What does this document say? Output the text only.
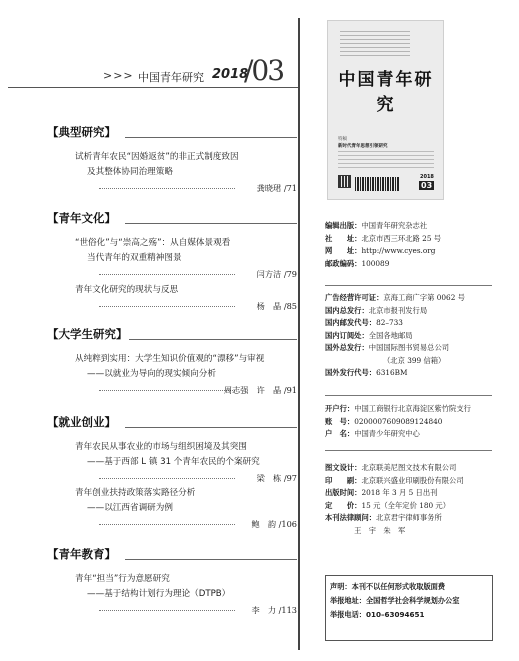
>>> 中国青年研究 2018
/03
【典型研究】
试析青年农民“因婚返贫”的非正式制度致因
及其整体协同治理策略
龚晓珺 /71
【青年文化】
“世俗化”与“崇高之殇”：从自媒体景观看
当代青年的双重精神图景
闫方洁 /79
青年文化研究的现状与反思
杨　晶 /85
【大学生研究】
从纯粹到实用：大学生知识价值观的“漂移”与审视
——以就业为导向的现实倾向分析
周志强　许　晶 /91
【就业创业】
青年农民从事农业的市场与组织困境及其突围
——基于西部 L 镇 31 个青年农民的个案研究
梁　栋 /97
青年创业扶持政策落实路径分析
——以江西省调研为例
鲍　韵 /106
【青年教育】
青年“担当”行为意愿研究
——基于结构计划行为理论（DTPB）
李　力 /113
中国青年研究
特稿
新时代青年思想引领研究
2018
03
编辑出版：中国青年研究杂志社
社　　址：北京市西三环北路 25 号
网　　址：http://www.cyes.org
邮政编码：100089
广告经营许可证：京海工商广字第 0062 号
国内总发行：北京市报刊发行局
国内邮发代号：82–733
国内订阅处：全国各地邮局
国外总发行：中国国际图书贸易总公司
（北京 399 信箱）
国外发行代号：6316BM
开户行：中国工商银行北京海淀区紫竹院支行
账　号：0200007609089124840
户　名：中国青少年研究中心
图文设计：北京联美尼图文技术有限公司
印　　刷：北京联兴盛业印刷股份有限公司
出版时间：2018 年 3 月 5 日出刊
定　　价：15 元（全年定价 180 元）
本刊法律顾问：北京君宇律师事务所
　　　　王　宇　朱　军
声明：本刊不以任何形式收取版面费
举报地址：全国哲学社会科学规划办公室
举报电话：010–63094651
